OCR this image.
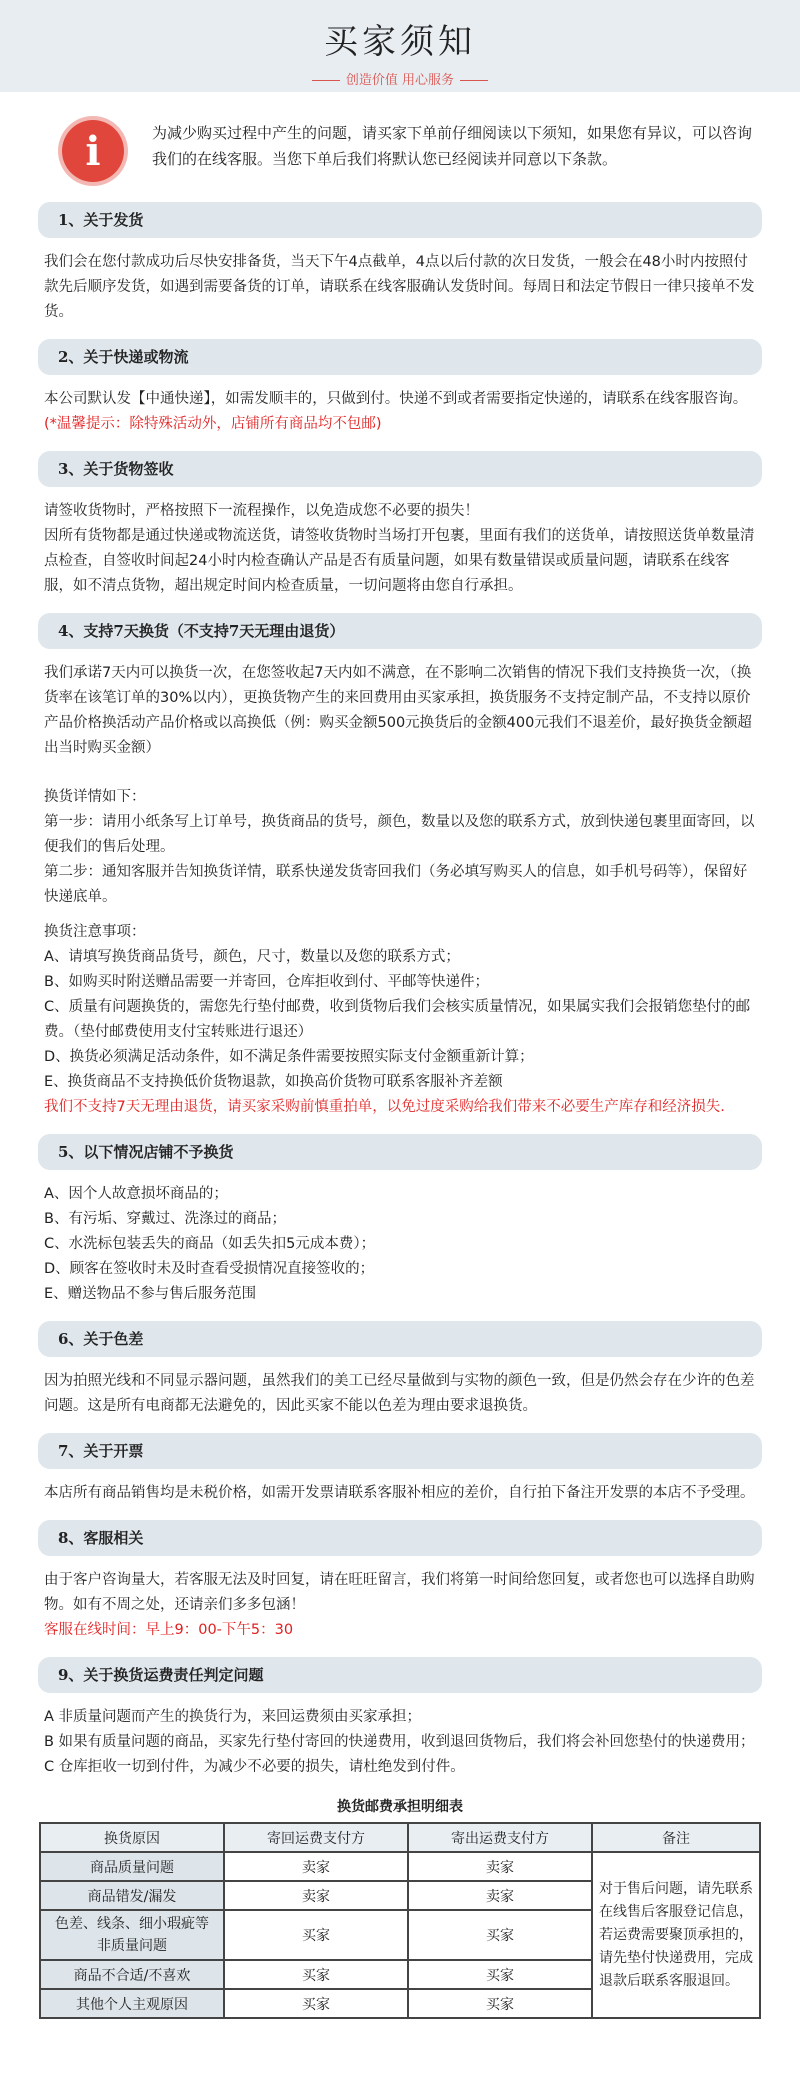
买家须知
创造价值 用心服务
i	为减少购买过程中产生的问题，请买家下单前仔细阅读以下须知，如果您有异议，可以咨询我们的在线客服。当您下单后我们将默认您已经阅读并同意以下条款。
1、关于发货
我们会在您付款成功后尽快安排备货，当天下午4点截单，4点以后付款的次日发货，一般会在48小时内按照付款先后顺序发货，如遇到需要备货的订单，请联系在线客服确认发货时间。每周日和法定节假日一律只接单不发货。
2、关于快递或物流
本公司默认发【中通快递】，如需发顺丰的，只做到付。快递不到或者需要指定快递的，请联系在线客服咨询。(*温馨提示：除特殊活动外，店铺所有商品均不包邮)
3、关于货物签收
请签收货物时，严格按照下一流程操作，以免造成您不必要的损失！
因所有货物都是通过快递或物流送货，请签收货物时当场打开包裹，里面有我们的送货单，请按照送货单数量清点检查，自签收时间起24小时内检查确认产品是否有质量问题，如果有数量错误或质量问题，请联系在线客服，如不清点货物，超出规定时间内检查质量，一切问题将由您自行承担。
4、支持7天换货（不支持7天无理由退货）
我们承诺7天内可以换货一次，在您签收起7天内如不满意，在不影响二次销售的情况下我们支持换货一次，（换货率在该笔订单的30%以内），更换货物产生的来回费用由买家承担，换货服务不支持定制产品，不支持以原价产品价格换活动产品价格或以高换低（例：购买金额500元换货后的金额400元我们不退差价，最好换货金额超出当时购买金额）
换货详情如下：
第一步：请用小纸条写上订单号，换货商品的货号，颜色，数量以及您的联系方式，放到快递包裹里面寄回，以便我们的售后处理。
第二步：通知客服并告知换货详情，联系快递发货寄回我们（务必填写购买人的信息，如手机号码等），保留好快递底单。
换货注意事项：
A、请填写换货商品货号，颜色，尺寸，数量以及您的联系方式；
B、如购买时附送赠品需要一并寄回，仓库拒收到付、平邮等快递件；
C、质量有问题换货的，需您先行垫付邮费，收到货物后我们会核实质量情况，如果属实我们会报销您垫付的邮费。（垫付邮费使用支付宝转账进行退还）
D、换货必须满足活动条件，如不满足条件需要按照实际支付金额重新计算；
E、换货商品不支持换低价货物退款，如换高价货物可联系客服补齐差额
我们不支持7天无理由退货，请买家采购前慎重拍单，以免过度采购给我们带来不必要生产库存和经济损失.
5、以下情况店铺不予换货
A、因个人故意损坏商品的；
B、有污垢、穿戴过、洗涤过的商品；
C、水洗标包装丢失的商品（如丢失扣5元成本费）；
D、顾客在签收时未及时查看受损情况直接签收的；
E、赠送物品不参与售后服务范围
6、关于色差
因为拍照光线和不同显示器问题，虽然我们的美工已经尽量做到与实物的颜色一致，但是仍然会存在少许的色差问题。这是所有电商都无法避免的，因此买家不能以色差为理由要求退换货。
7、关于开票
本店所有商品销售均是未税价格，如需开发票请联系客服补相应的差价，自行拍下备注开发票的本店不予受理。
8、客服相关
由于客户咨询量大，若客服无法及时回复，请在旺旺留言，我们将第一时间给您回复，或者您也可以选择自助购物。如有不周之处，还请亲们多多包涵！
客服在线时间：早上9：00-下午5：30
9、关于换货运费责任判定问题
A 非质量问题而产生的换货行为，来回运费须由买家承担；
B 如果有质量问题的商品，买家先行垫付寄回的快递费用，收到退回货物后，我们将会补回您垫付的快递费用；
C 仓库拒收一切到付件，为减少不必要的损失，请杜绝发到付件。
换货邮费承担明细表
换货原因	寄回运费支付方	寄出运费支付方	备注
商品质量问题	卖家	卖家	对于售后问题，请先联系在线售后客服登记信息，若运费需要聚顶承担的，请先垫付快递费用，完成退款后联系客服退回。
商品错发/漏发	卖家	卖家	
色差、线条、细小瑕疵等非质量问题	买家	买家	
商品不合适/不喜欢	买家	买家	
其他个人主观原因	买家	买家	
